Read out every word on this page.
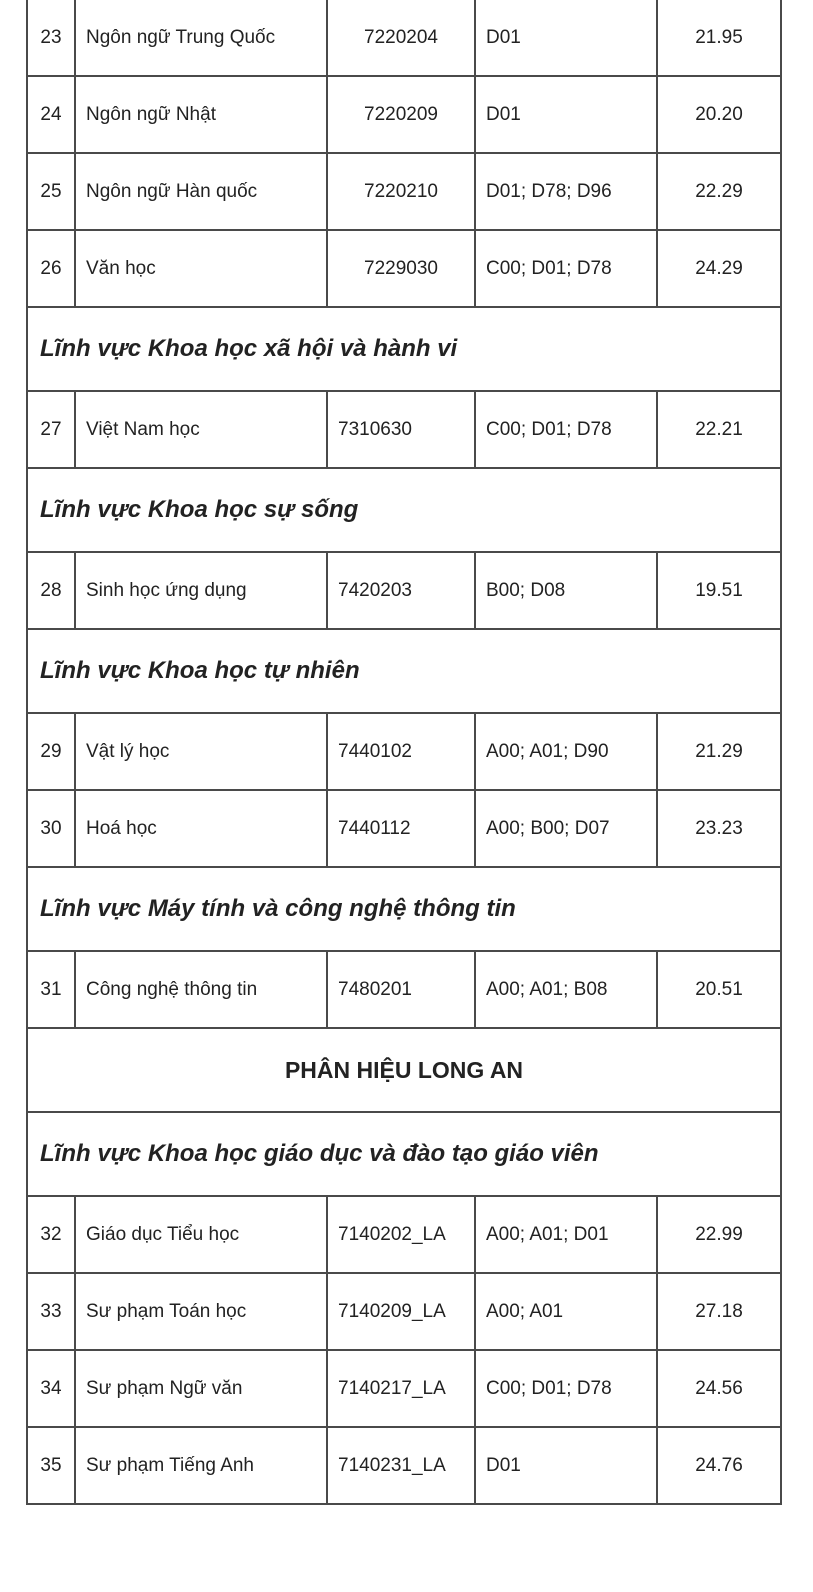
23	Ngôn ngữ Trung Quốc	7220204	D01	21.95
24	Ngôn ngữ Nhật	7220209	D01	20.20
25	Ngôn ngữ Hàn quốc	7220210	D01; D78; D96	22.29
26	Văn học	7229030	C00; D01; D78	24.29
Lĩnh vực Khoa học xã hội và hành vi				
27	Việt Nam học	7310630	C00; D01; D78	22.21
Lĩnh vực Khoa học sự sống				
28	Sinh học ứng dụng	7420203	B00; D08	19.51
Lĩnh vực Khoa học tự nhiên				
29	Vật lý học	7440102	A00; A01; D90	21.29
30	Hoá học	7440112	A00; B00; D07	23.23
Lĩnh vực Máy tính và công nghệ thông tin				
31	Công nghệ thông tin	7480201	A00; A01; B08	20.51
PHÂN HIỆU LONG AN				
Lĩnh vực Khoa học giáo dục và đào tạo giáo viên				
32	Giáo dục Tiểu học	7140202_LA	A00; A01; D01	22.99
33	Sư phạm Toán học	7140209_LA	A00; A01	27.18
34	Sư phạm Ngữ văn	7140217_LA	C00; D01; D78	24.56
35	Sư phạm Tiếng Anh	7140231_LA	D01	24.76
